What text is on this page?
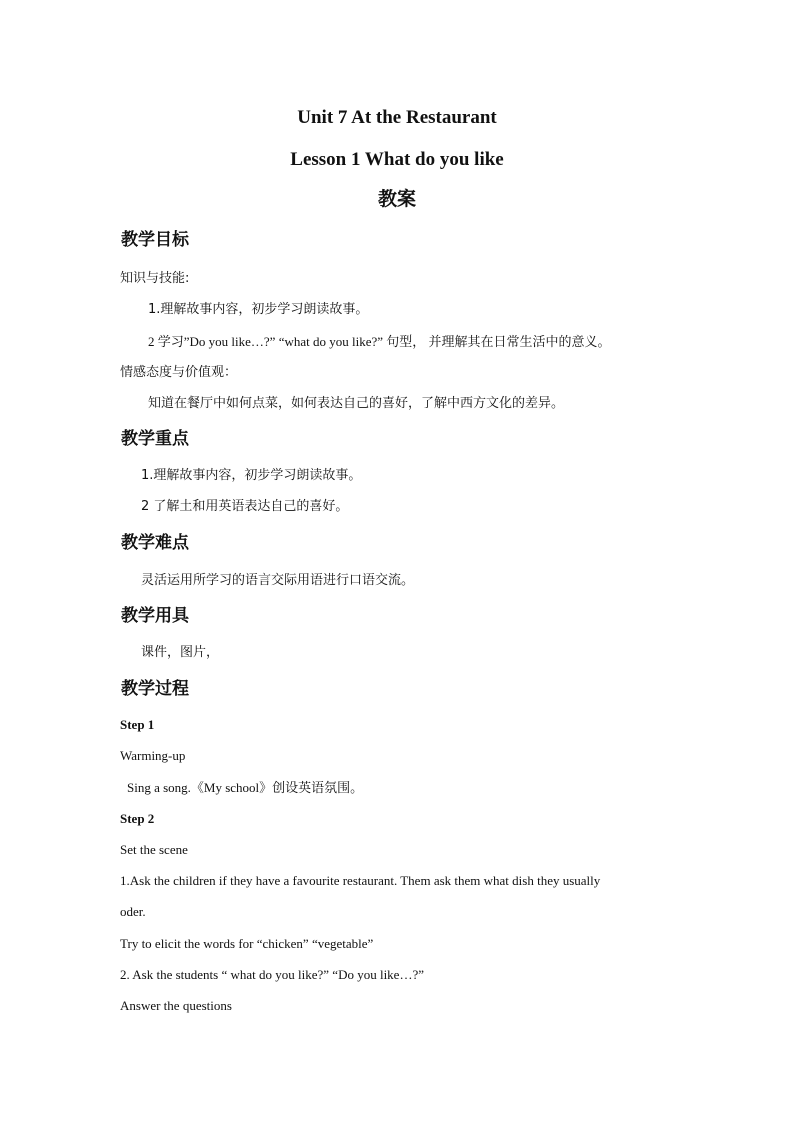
Unit 7 At the Restaurant
Lesson 1 What do you like
教案
教学目标
知识与技能:
1.理解故事内容，初步学习朗读故事。
2 学习”Do you like…?” “what do you like?” 句型， 并理解其在日常生活中的意义。
情感态度与价值观：
知道在餐厅中如何点菜，如何表达自己的喜好，了解中西方文化的差异。
教学重点
1.理解故事内容，初步学习朗读故事。
2 了解土和用英语表达自己的喜好。
教学难点
灵活运用所学习的语言交际用语进行口语交流。
教学用具
课件，图片，
教学过程
Step 1
Warming-up
Sing a song.《My school》创设英语氛围。
Step 2
Set the scene
1.Ask the children if they have a favourite restaurant. Them ask them what dish they usually
oder.
Try to elicit the words for “chicken” “vegetable”
2. Ask the students “ what do you like?” “Do you like…?”
Answer the questions
